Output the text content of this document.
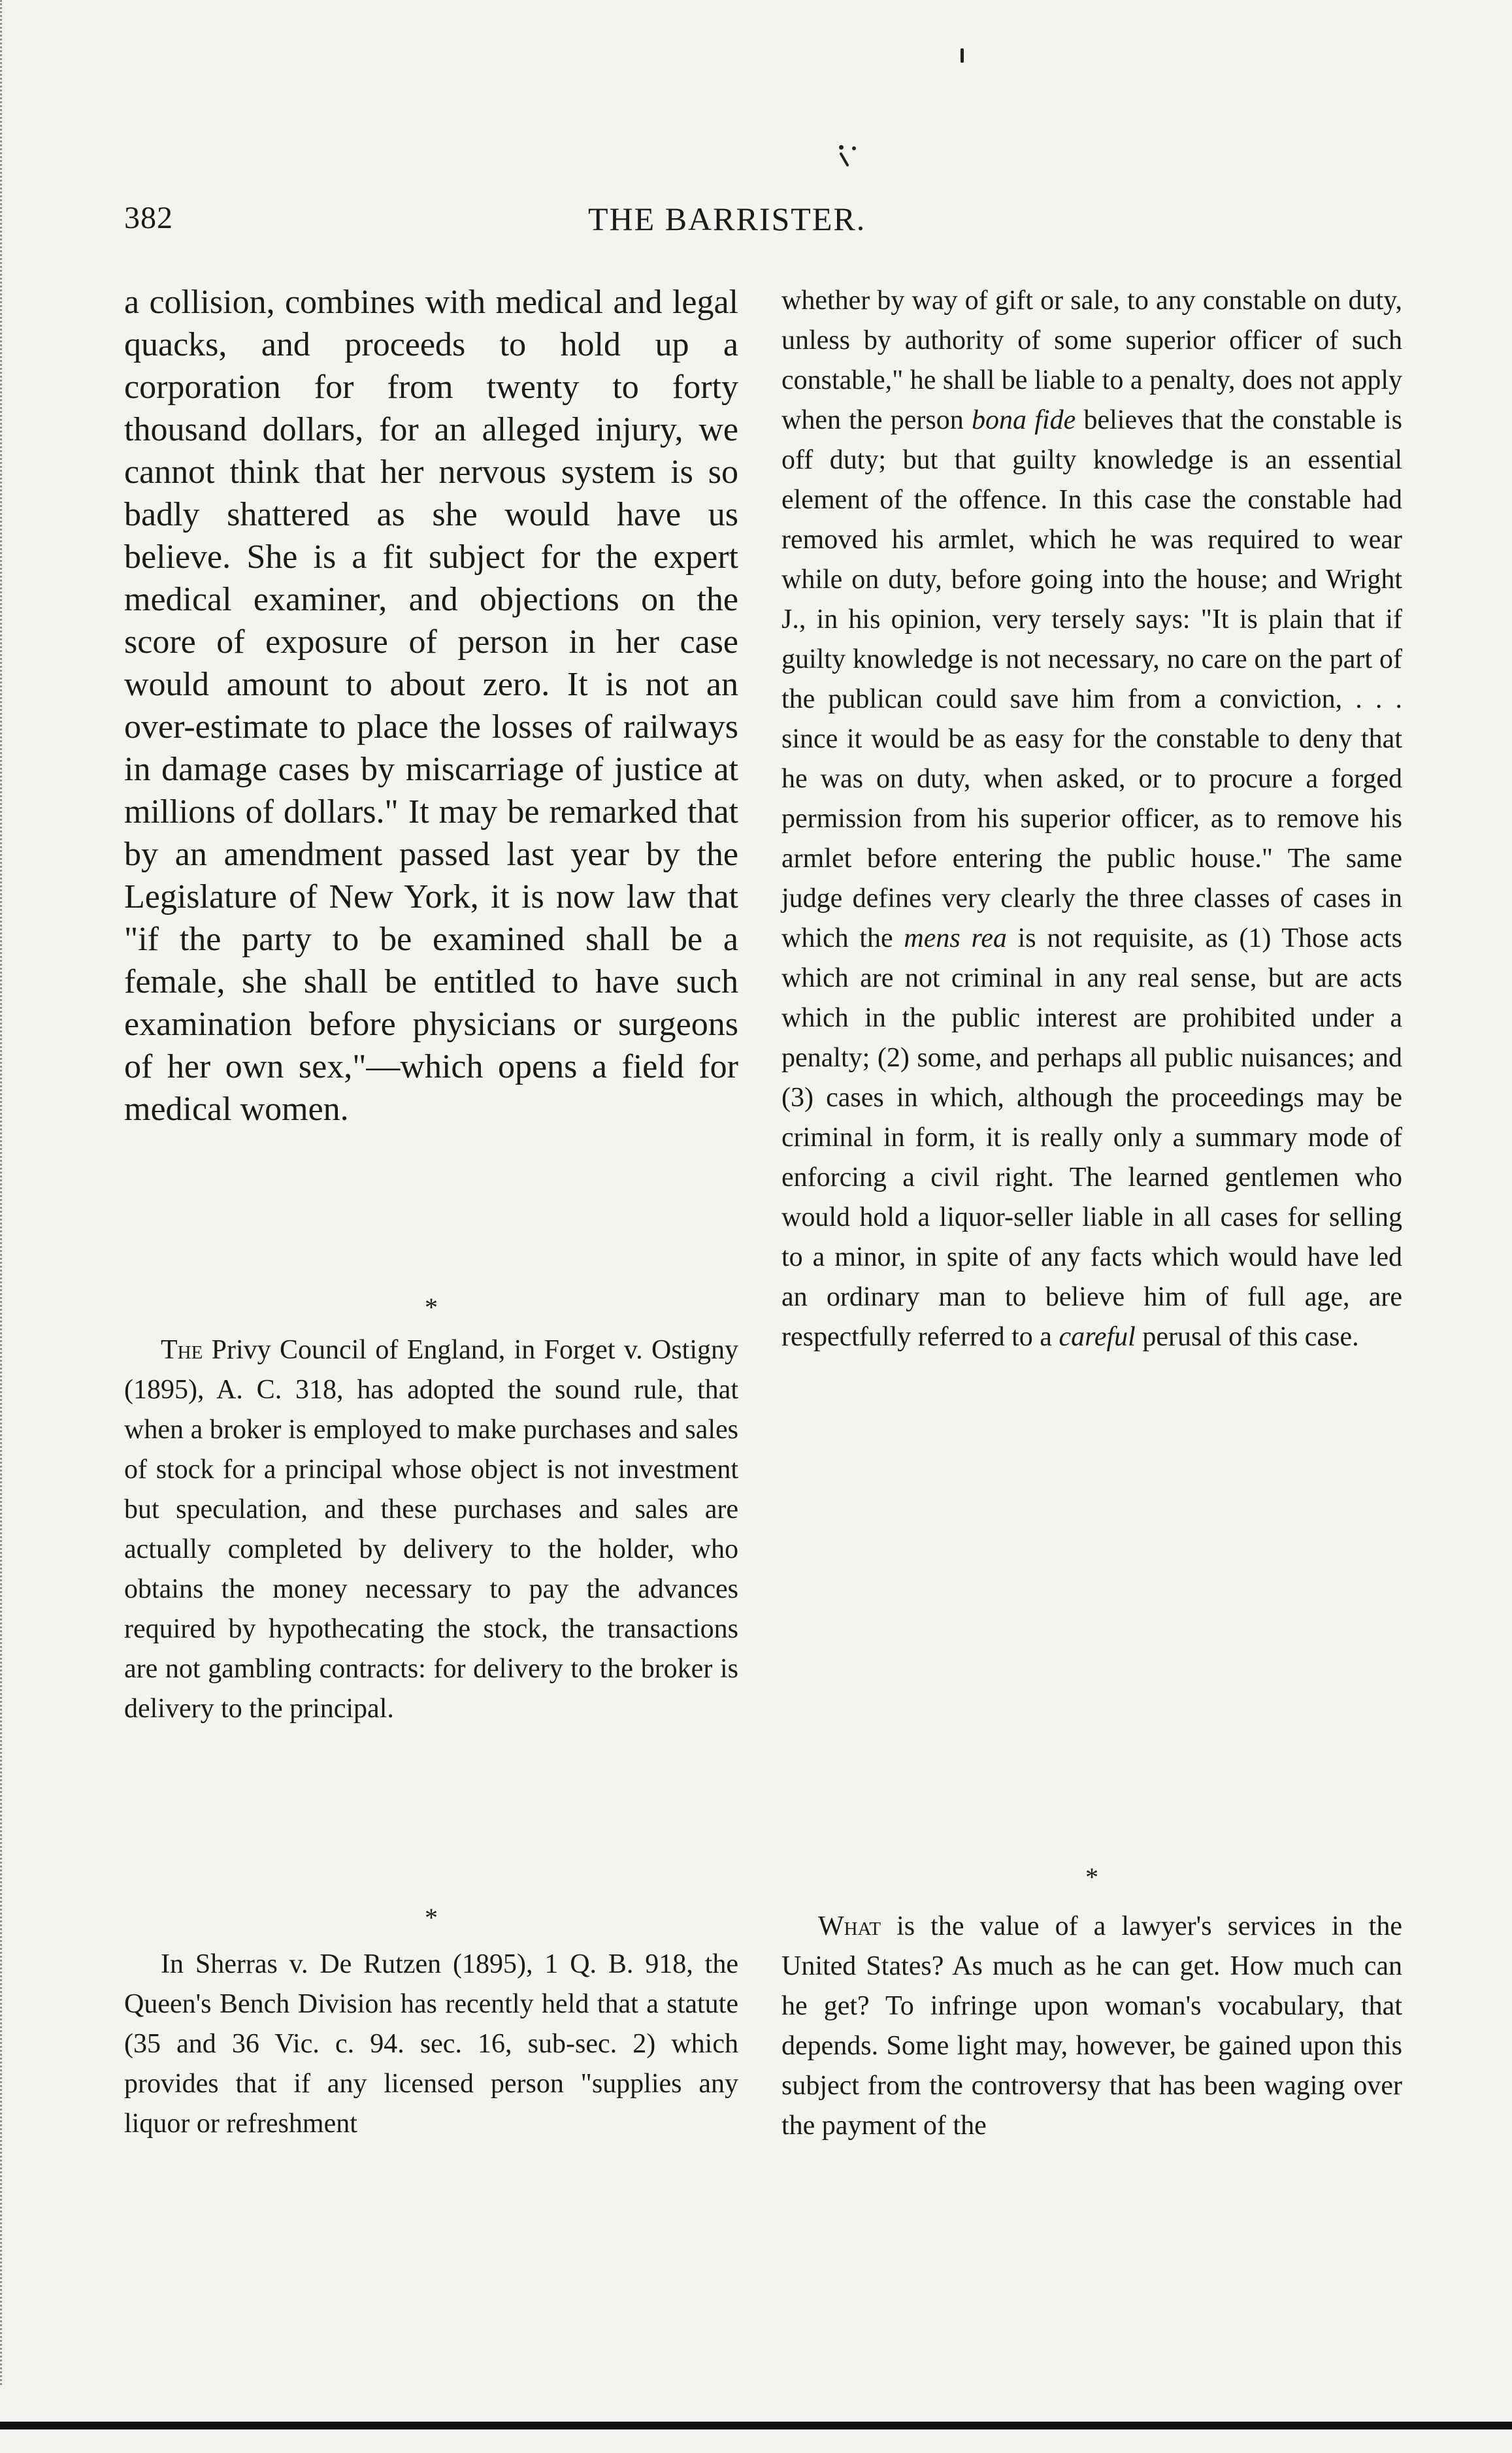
382	THE BARRISTER.

a collision, combines with medical and legal quacks, and proceeds to hold up a corporation for from twenty to forty thousand dollars, for an alleged injury, we cannot think that her nervous system is so badly shattered as she would have us believe. She is a fit subject for the expert medical examiner, and objections on the score of exposure of person in her case would amount to about zero. It is not an over-estimate to place the losses of railways in damage cases by miscarriage of justice at millions of dollars." It may be remarked that by an amendment passed last year by the Legislature of New York, it is now law that "if the party to be examined shall be a female, she shall be entitled to have such examination before physicians or surgeons of her own sex,"—which opens a field for medical women.

*

The Privy Council of England, in Forget v. Ostigny (1895), A. C. 318, has adopted the sound rule, that when a broker is employed to make purchases and sales of stock for a principal whose object is not investment but speculation, and these purchases and sales are actually completed by delivery to the holder, who obtains the money necessary to pay the advances required by hypothecating the stock, the transactions are not gambling contracts: for delivery to the broker is delivery to the principal.

*

In Sherras v. De Rutzen (1895), 1 Q. B. 918, the Queen's Bench Division has recently held that a statute (35 and 36 Vic. c. 94. sec. 16, sub-sec. 2) which provides that if any licensed person "supplies any liquor or refreshment

whether by way of gift or sale, to any constable on duty, unless by authority of some superior officer of such constable," he shall be liable to a penalty, does not apply when the person bona fide believes that the constable is off duty; but that guilty knowledge is an essential element of the offence. In this case the constable had removed his armlet, which he was required to wear while on duty, before going into the house; and Wright J., in his opinion, very tersely says: "It is plain that if guilty knowledge is not necessary, no care on the part of the publican could save him from a conviction, . . . since it would be as easy for the constable to deny that he was on duty, when asked, or to procure a forged permission from his superior officer, as to remove his armlet before entering the public house." The same judge defines very clearly the three classes of cases in which the mens rea is not requisite, as (1) Those acts which are not criminal in any real sense, but are acts which in the public interest are prohibited under a penalty; (2) some, and perhaps all public nuisances; and (3) cases in which, although the proceedings may be criminal in form, it is really only a summary mode of enforcing a civil right. The learned gentlemen who would hold a liquor-seller liable in all cases for selling to a minor, in spite of any facts which would have led an ordinary man to believe him of full age, are respectfully referred to a careful perusal of this case.

*

What is the value of a lawyer's services in the United States? As much as he can get. How much can he get? To infringe upon woman's vocabulary, that depends. Some light may, however, be gained upon this subject from the controversy that has been waging over the payment of the
